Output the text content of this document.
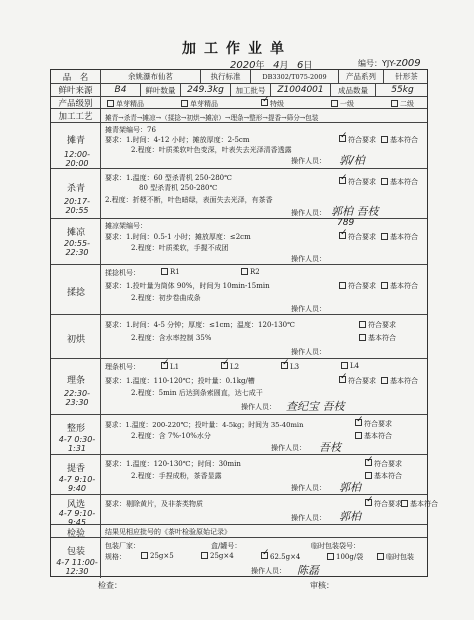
加工作业单
2020年 4月 6日	编号：YJY-Z009
品　名	余姚瀑布仙茗	执行标准	DB3302/T075-2009	产品系列	针形茶
鲜叶来源	B4	鲜叶数量	249.3kg	加工批号	Z1004001	成品数量	55kg
产品级别	单芽精品	单芽精品 ✓	特级	一级	二级
加工工艺	摊青→杀青→摊凉→（揉捻→初烘→摊凉）→理条→整形→提香→筛分→包装
摊青
12:00-20:00
摊青架编号：76
要求：1.时间：4-12 小时；摊放厚度：2-5cm
2.程度：叶质柔软叶色变深，叶表失去光泽清香透露
✓符合要求	基本符合
操作人员： 郭/柏
杀青
20:17-20:55
要求：1.温度：60 型杀青机 250-280℃
80 型杀青机 250-280℃
2.程度：折梗不断，叶色暗绿，表面失去光泽，有茶香
✓符合要求	基本符合
操作人员： 郭柏 吾枝
摊凉
20:55-22:30
摊凉架编号：	789
要求：1.时间：0.5-1 小时；摊放厚度：≤2cm
2.程度：叶质柔软，手握不成团
✓符合要求	基本符合
操作人员：
揉捻
揉捻机号：	R1	R2
要求：1.投叶量为筒体 90%，时间为 10min-15min
2.程度：初步卷曲成条
符合要求	基本符合
操作人员：
初烘
要求：1.时间：4-5 分钟；厚度：≤1cm；温度：120-130℃
2.程度：含水率控制 35%
符合要求
基本符合
操作人员：
理条
22:30-23:30
理条机号： ✓	L1 ✓	L2 ✓	L3	L4
要求：1.温度：110-120℃；投叶量：0.1kg/槽
2.程度：5min 后达到条索圆直，达七成干
✓符合要求	基本符合
操作人员： 查纪宝 吾枝
整形
4-7 0:30-1:31
要求：1.温度：200-220℃；投叶量：4-5kg；时间为 35-40min
2.程度：含 7%-10%水分
✓符合要求
基本符合
操作人员： 吾枝
提香
4-7 9:10-9:40
要求：1.温度：120-130℃；时间：30min
2.程度：手捏成粉，茶香显露
✓符合要求
基本符合
操作人员： 郭柏
风选
4-7 9:10-9:45
要求：剔除黄片，及非茶类物质 ✓	符合要求	基本符合
操作人员： 郭柏
检验	结果见相应批号的《茶叶检验原始记录》
包装
4-7 11:00-12:30
包装厂家：	盒/罐号：	临时包装袋号：
规格：	25g×5	25g×4 ✓	62.5g×4	100g/袋	临时包装
操作人员： 陈磊
检查：	审核：
